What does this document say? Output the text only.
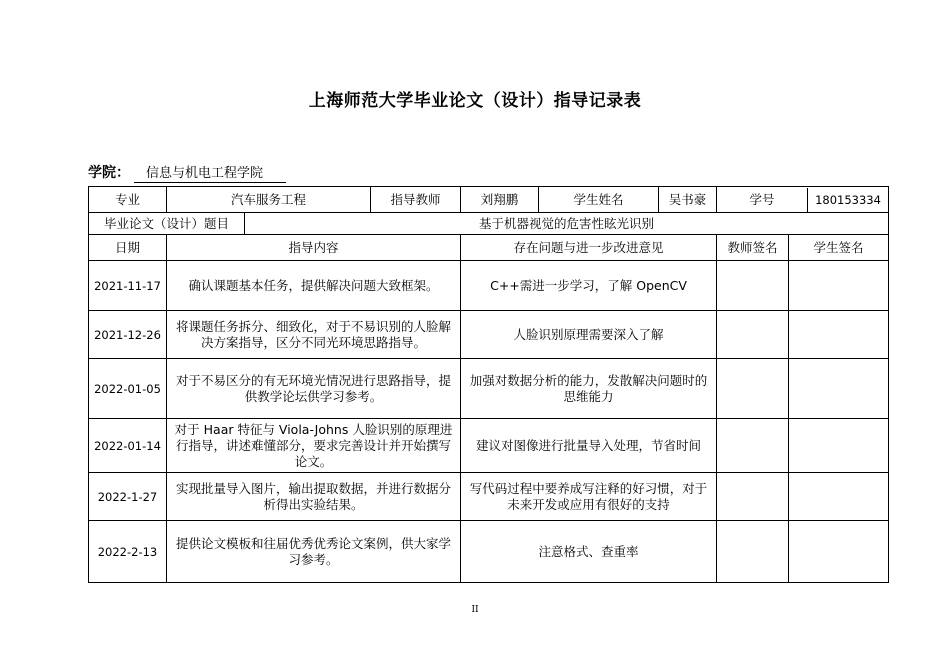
上海师范大学毕业论文（设计）指导记录表
学院： 信息与机电工程学院
专业	汽车服务工程		指导教师	刘翔鹏	学生姓名	吴书豪	学号 180153334	

毕业论文（设计）题目		基于机器视觉的危害性眩光识别						
日期	指导内容			存在问题与进一步改进意见			教师签名	学生签名
2021-11-17	确认课题基本任务，提供解决问题大致框架。			C++需进一步学习，了解 OpenCV				
2021-12-26	将课题任务拆分、细致化，对于不易识别的人脸解决方案指导，区分不同光环境思路指导。			人脸识别原理需要深入了解				
2022-01-05	对于不易区分的有无环境光情况进行思路指导，提供教学论坛供学习参考。			加强对数据分析的能力，发散解决问题时的思维能力				
2022-01-14	对于 Haar 特征与 Viola-Johns 人脸识别的原理进行指导，讲述难懂部分，要求完善设计并开始撰写论文。			建议对图像进行批量导入处理，节省时间				
2022-1-27	实现批量导入图片，输出提取数据，并进行数据分析得出实验结果。			写代码过程中要养成写注释的好习惯，对于未来开发或应用有很好的支持				
2022-2-13	提供论文模板和往届优秀优秀论文案例，供大家学习参考。			注意格式、查重率				
II
